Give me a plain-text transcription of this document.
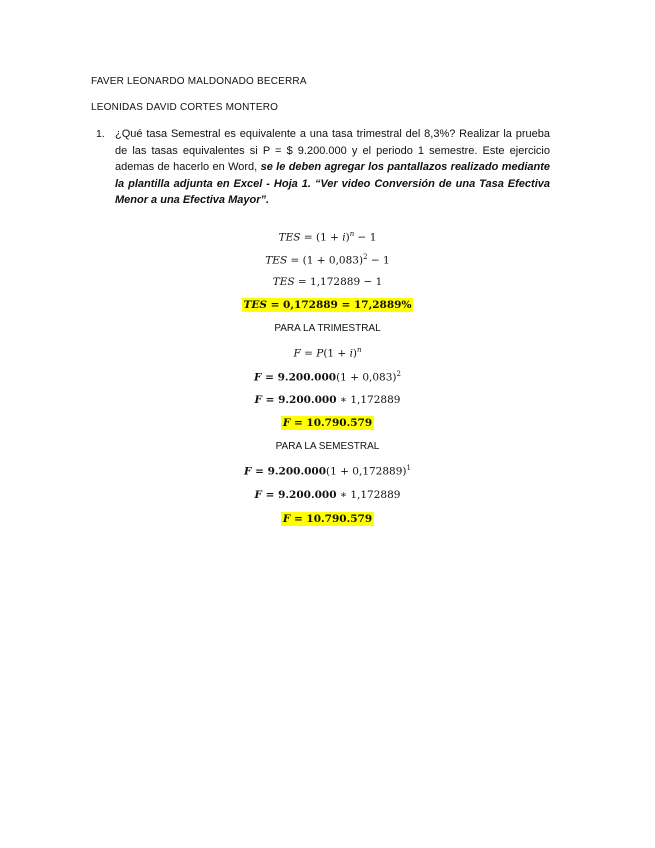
FAVER LEONARDO MALDONADO BECERRA
LEONIDAS DAVID CORTES MONTERO
1. ¿Qué tasa Semestral es equivalente a una tasa trimestral del 8,3%? Realizar la prueba de las tasas equivalentes si P = $ 9.200.000 y el periodo 1 semestre. Este ejercicio ademas de hacerlo en Word, se le deben agregar los pantallazos realizado mediante la plantilla adjunta en Excel - Hoja 1. “Ver video Conversión de una Tasa Efectiva Menor a una Efectiva Mayor”.
TES = $(1 + i)^n - 1$
TES = $(1 + 0,083)^2 - 1$
TES = 1,172889 − 1
TES = 0,172889 = 17,2889%
PARA LA TRIMESTRAL
$F = P(1 + i)^n$
$F = 9.200.000(1 + 0,083)^2$
F = 9.200.000 ∗ 1,172889
F = 10.790.579
PARA LA SEMESTRAL
$F = 9.200.000(1 + 0,172889)^1$
F = 9.200.000 ∗ 1,172889
F = 10.790.579
